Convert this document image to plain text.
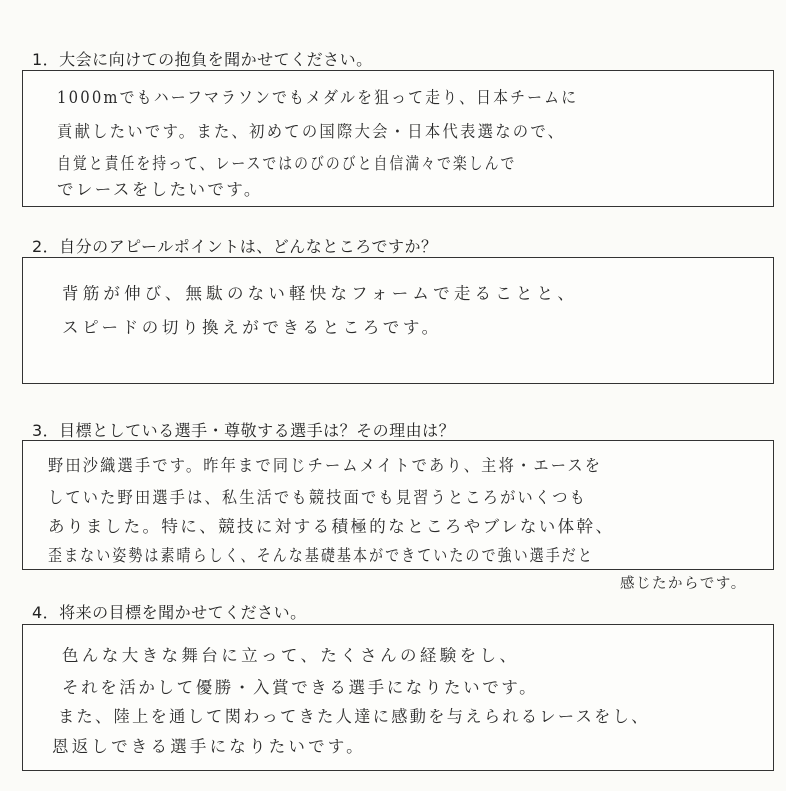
1．大会に向けての抱負を聞かせてください。
1000mでもハーフマラソンでもメダルを狙って走り、日本チームに
貢献したいです。また、初めての国際大会・日本代表選なので、
自覚と責任を持って、レースではのびのびと自信満々で楽しんで
でレースをしたいです。
2．自分のアピールポイントは、どんなところですか？
背筋が伸び、無駄のない軽快なフォームで走ることと、
スピードの切り換えができるところです。
3．目標としている選手・尊敬する選手は？その理由は？
野田沙織選手です。昨年まで同じチームメイトであり、主将・エースを
していた野田選手は、私生活でも競技面でも見習うところがいくつも
ありました。特に、競技に対する積極的なところやブレない体幹、
歪まない姿勢は素晴らしく、そんな基礎基本ができていたので強い選手だと
感じたからです。
4．将来の目標を聞かせてください。
色んな大きな舞台に立って、たくさんの経験をし、
それを活かして優勝・入賞できる選手になりたいです。
また、陸上を通して関わってきた人達に感動を与えられるレースをし、
恩返しできる選手になりたいです。
